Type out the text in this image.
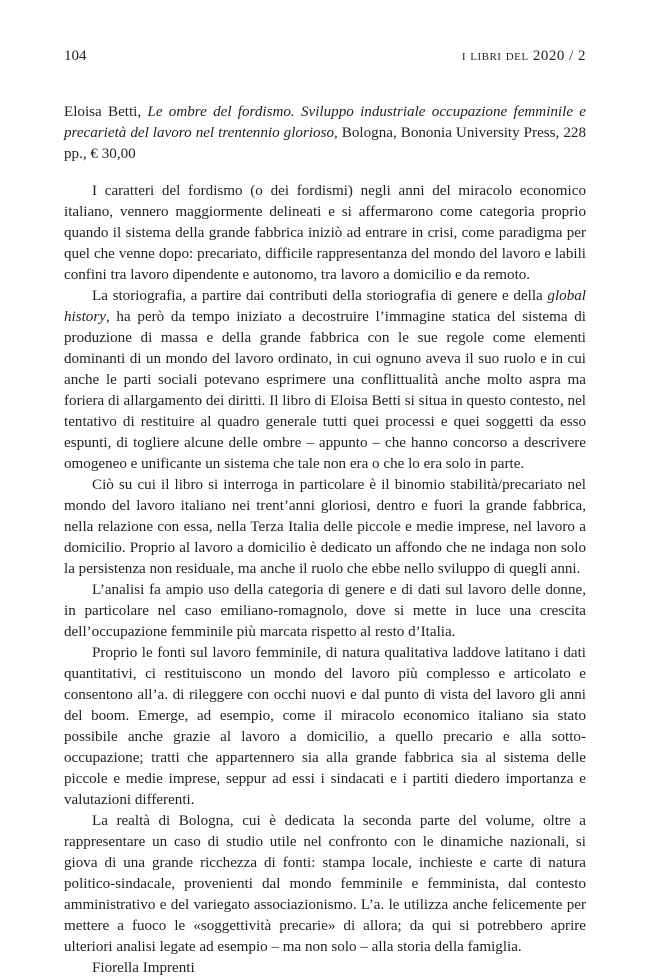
104	i libri del 2020 / 2
Eloisa Betti, Le ombre del fordismo. Sviluppo industriale occupazione femminile e precarietà del lavoro nel trentennio glorioso, Bologna, Bononia University Press, 228 pp., € 30,00

I caratteri del fordismo (o dei fordismi) negli anni del miracolo economico italiano, vennero maggiormente delineati e si affermarono come categoria proprio quando il sistema della grande fabbrica iniziò ad entrare in crisi, come paradigma per quel che venne dopo: precariato, difficile rappresentanza del mondo del lavoro e labili confini tra lavoro dipendente e autonomo, tra lavoro a domicilio e da remoto.

La storiografia, a partire dai contributi della storiografia di genere e della global history, ha però da tempo iniziato a decostruire l’immagine statica del sistema di produzione di massa e della grande fabbrica con le sue regole come elementi dominanti di un mondo del lavoro ordinato, in cui ognuno aveva il suo ruolo e in cui anche le parti sociali potevano esprimere una conflittualità anche molto aspra ma foriera di allargamento dei diritti. Il libro di Eloisa Betti si situa in questo contesto, nel tentativo di restituire al quadro generale tutti quei processi e quei soggetti da esso espunti, di togliere alcune delle ombre – appunto – che hanno concorso a descrivere omogeneo e unificante un sistema che tale non era o che lo era solo in parte.

Ciò su cui il libro si interroga in particolare è il binomio stabilità/precariato nel mondo del lavoro italiano nei trent’anni gloriosi, dentro e fuori la grande fabbrica, nella relazione con essa, nella Terza Italia delle piccole e medie imprese, nel lavoro a domicilio. Proprio al lavoro a domicilio è dedicato un affondo che ne indaga non solo la persistenza non residuale, ma anche il ruolo che ebbe nello sviluppo di quegli anni.

L’analisi fa ampio uso della categoria di genere e di dati sul lavoro delle donne, in particolare nel caso emiliano-romagnolo, dove si mette in luce una crescita dell’occupazione femminile più marcata rispetto al resto d’Italia.

Proprio le fonti sul lavoro femminile, di natura qualitativa laddove latitano i dati quantitativi, ci restituiscono un mondo del lavoro più complesso e articolato e consentono all’a. di rileggere con occhi nuovi e dal punto di vista del lavoro gli anni del boom. Emerge, ad esempio, come il miracolo economico italiano sia stato possibile anche grazie al lavoro a domicilio, a quello precario e alla sotto-occupazione; tratti che appartennero sia alla grande fabbrica sia al sistema delle piccole e medie imprese, seppur ad essi i sindacati e i partiti diedero importanza e valutazioni differenti.

La realtà di Bologna, cui è dedicata la seconda parte del volume, oltre a rappresentare un caso di studio utile nel confronto con le dinamiche nazionali, si giova di una grande ricchezza di fonti: stampa locale, inchieste e carte di natura politico-sindacale, provenienti dal mondo femminile e femminista, dal contesto amministrativo e del variegato associazionismo. L’a. le utilizza anche felicemente per mettere a fuoco le «soggettività precarie» di allora; da qui si potrebbero aprire ulteriori analisi legate ad esempio – ma non solo – alla storia della famiglia.

Fiorella Imprenti
